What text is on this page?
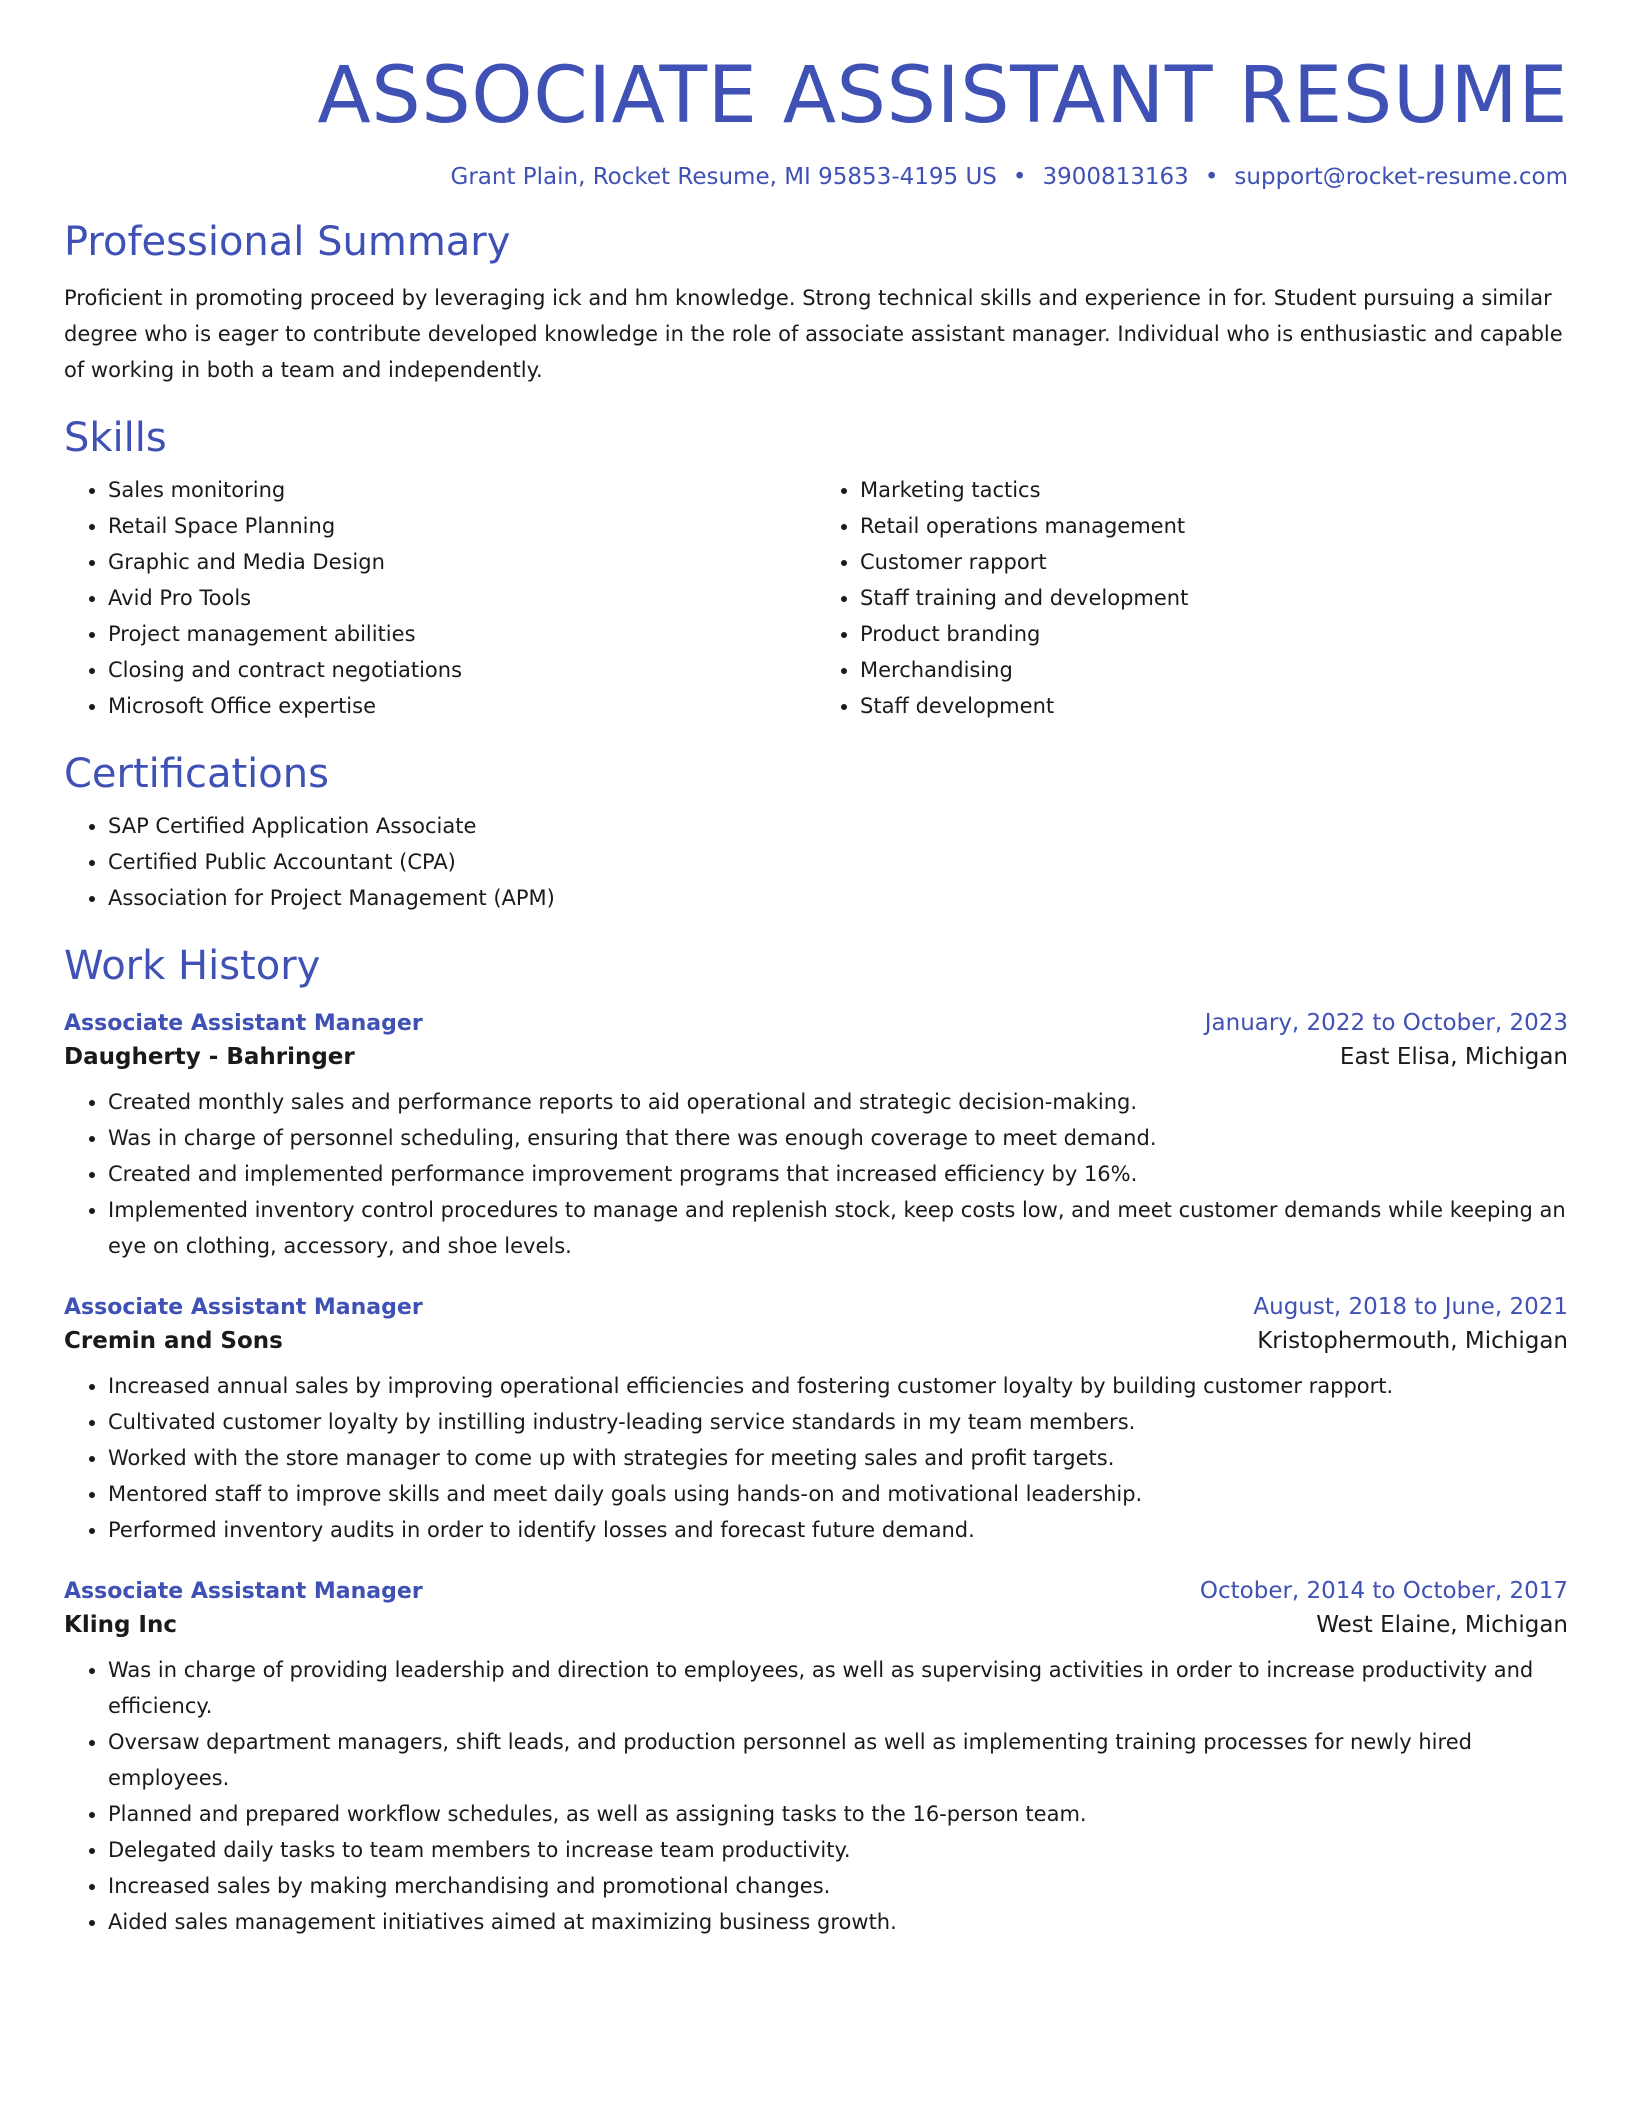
ASSOCIATE ASSISTANT RESUME
Grant Plain, Rocket Resume, MI 95853-4195 US • 3900813163 • support@rocket-resume.com
Professional Summary

Proficient in promoting proceed by leveraging ick and hm knowledge. Strong technical skills and experience in for. Student pursuing a similar degree who is eager to contribute developed knowledge in the role of associate assistant manager. Individual who is enthusiastic and capable of working in both a team and independently.

Skills
• Sales monitoring
• Retail Space Planning
• Graphic and Media Design
• Avid Pro Tools
• Project management abilities
• Closing and contract negotiations
• Microsoft Office expertise
• Marketing tactics
• Retail operations management
• Customer rapport
• Staff training and development
• Product branding
• Merchandising
• Staff development
Certifications
• SAP Certified Application Associate
• Certified Public Accountant (CPA)
• Association for Project Management (APM)
Work History
Associate Assistant Manager	January, 2022 to October, 2023
Daugherty - Bahringer	East Elisa, Michigan
• Created monthly sales and performance reports to aid operational and strategic decision-making.
• Was in charge of personnel scheduling, ensuring that there was enough coverage to meet demand.
• Created and implemented performance improvement programs that increased efficiency by 16%.
• Implemented inventory control procedures to manage and replenish stock, keep costs low, and meet customer demands while keeping an eye on clothing, accessory, and shoe levels.
Associate Assistant Manager	August, 2018 to June, 2021
Cremin and Sons	Kristophermouth, Michigan
• Increased annual sales by improving operational efficiencies and fostering customer loyalty by building customer rapport.
• Cultivated customer loyalty by instilling industry-leading service standards in my team members.
• Worked with the store manager to come up with strategies for meeting sales and profit targets.
• Mentored staff to improve skills and meet daily goals using hands-on and motivational leadership.
• Performed inventory audits in order to identify losses and forecast future demand.
Associate Assistant Manager	October, 2014 to October, 2017
Kling Inc	West Elaine, Michigan
• Was in charge of providing leadership and direction to employees, as well as supervising activities in order to increase productivity and efficiency.
• Oversaw department managers, shift leads, and production personnel as well as implementing training processes for newly hired employees.
• Planned and prepared workflow schedules, as well as assigning tasks to the 16-person team.
• Delegated daily tasks to team members to increase team productivity.
• Increased sales by making merchandising and promotional changes.
• Aided sales management initiatives aimed at maximizing business growth.
